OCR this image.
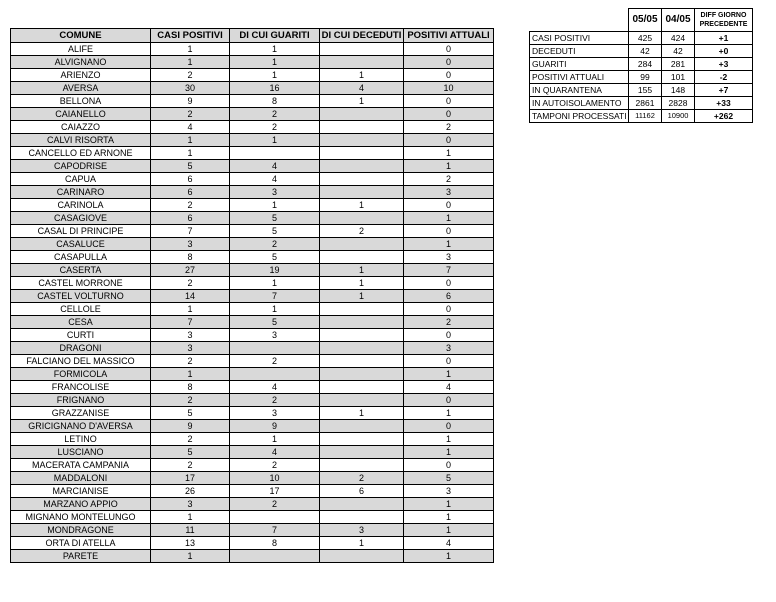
COMUNE	CASI POSITIVI	DI CUI GUARITI	DI CUI DECEDUTI	POSITIVI ATTUALI
ALIFE	1	1		0
ALVIGNANO	1	1		0
ARIENZO	2	1	1	0
AVERSA	30	16	4	10
BELLONA	9	8	1	0
CAIANELLO	2	2		0
CAIAZZO	4	2		2
CALVI RISORTA	1	1		0
CANCELLO ED ARNONE	1			1
CAPODRISE	5	4		1
CAPUA	6	4		2
CARINARO	6	3		3
CARINOLA	2	1	1	0
CASAGIOVE	6	5		1
CASAL DI PRINCIPE	7	5	2	0
CASALUCE	3	2		1
CASAPULLA	8	5		3
CASERTA	27	19	1	7
CASTEL MORRONE	2	1	1	0
CASTEL VOLTURNO	14	7	1	6
CELLOLE	1	1		0
CESA	7	5		2
CURTI	3	3		0
DRAGONI	3			3
FALCIANO DEL MASSICO	2	2		0
FORMICOLA	1			1
FRANCOLISE	8	4		4
FRIGNANO	2	2		0
GRAZZANISE	5	3	1	1
GRICIGNANO D'AVERSA	9	9		0
LETINO	2	1		1
LUSCIANO	5	4		1
MACERATA CAMPANIA	2	2		0
MADDALONI	17	10	2	5
MARCIANISE	26	17	6	3
MARZANO APPIO	3	2		1
MIGNANO MONTELUNGO	1			1
MONDRAGONE	11	7	3	1
ORTA DI ATELLA	13	8	1	4
PARETE	1			1
	05/05	04/05	DIFF GIORNO PRECEDENTE
CASI POSITIVI	425	424	+1
DECEDUTI	42	42	+0
GUARITI	284	281	+3
POSITIVI ATTUALI	99	101	-2
IN QUARANTENA	155	148	+7
IN AUTOISOLAMENTO	2861	2828	+33
TAMPONI PROCESSATI	11162	10900	+262
